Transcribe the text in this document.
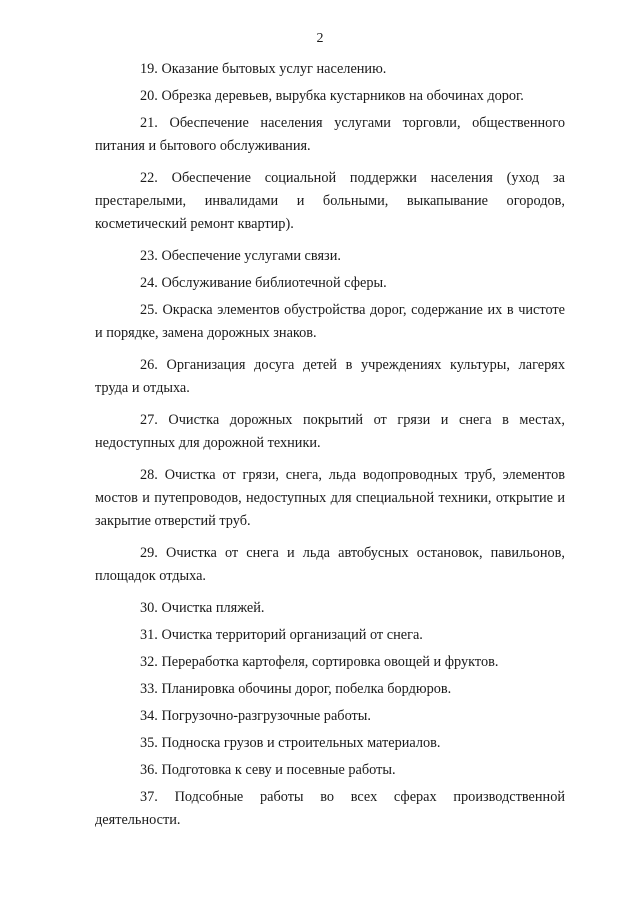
2

19. Оказание бытовых услуг населению.

20. Обрезка деревьев, вырубка кустарников на обочинах дорог.

21. Обеспечение населения услугами торговли, общественного питания и бытового обслуживания.

22. Обеспечение социальной поддержки населения (уход за престарелыми, инвалидами и больными, выкапывание огородов, косметический ремонт квартир).

23. Обеспечение услугами связи.

24. Обслуживание библиотечной сферы.

25. Окраска элементов обустройства дорог, содержание их в чистоте и порядке, замена дорожных знаков.

26. Организация досуга детей в учреждениях культуры, лагерях труда и отдыха.

27. Очистка дорожных покрытий от грязи и снега в местах, недоступных для дорожной техники.

28. Очистка от грязи, снега, льда водопроводных труб, элементов мостов и путепроводов, недоступных для специальной техники, открытие и закрытие отверстий труб.

29. Очистка от снега и льда автобусных остановок, павильонов, площадок отдыха.

30. Очистка пляжей.

31. Очистка территорий организаций от снега.

32. Переработка картофеля, сортировка овощей и фруктов.

33. Планировка обочины дорог, побелка бордюров.

34. Погрузочно-разгрузочные работы.

35. Подноска грузов и строительных материалов.

36. Подготовка к севу и посевные работы.

37. Подсобные работы во всех сферах производственной деятельности.
